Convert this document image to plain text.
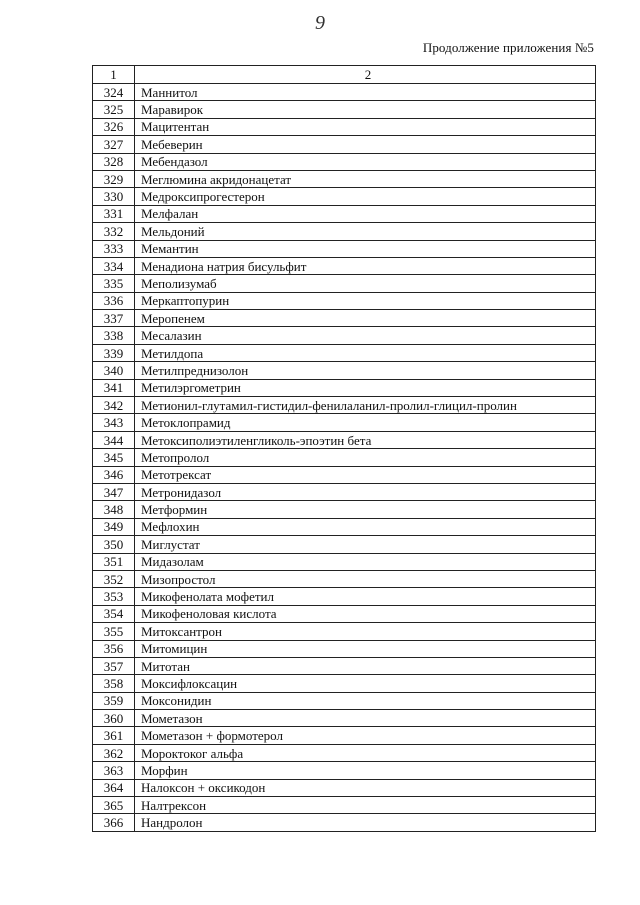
9
Продолжение приложения №5
1	2
324	Маннитол
325	Маравирок
326	Мацитентан
327	Мебеверин
328	Мебендазол
329	Меглюмина акридонацетат
330	Медроксипрогестерон
331	Мелфалан
332	Мельдоний
333	Мемантин
334	Менадиона натрия бисульфит
335	Меполизумаб
336	Меркаптопурин
337	Меропенем
338	Месалазин
339	Метилдопа
340	Метилпреднизолон
341	Метилэргометрин
342	Метионил-глутамил-гистидил-фенилаланил-пролил-глицил-пролин
343	Метоклопрамид
344	Метоксиполиэтиленгликоль-эпоэтин бета
345	Метопролол
346	Метотрексат
347	Метронидазол
348	Метформин
349	Мефлохин
350	Миглустат
351	Мидазолам
352	Мизопростол
353	Микофенолата мофетил
354	Микофеноловая кислота
355	Митоксантрон
356	Митомицин
357	Митотан
358	Моксифлоксацин
359	Моксонидин
360	Мометазон
361	Мометазон + формотерол
362	Мороктоког альфа
363	Морфин
364	Налоксон + оксикодон
365	Налтрексон
366	Нандролон
